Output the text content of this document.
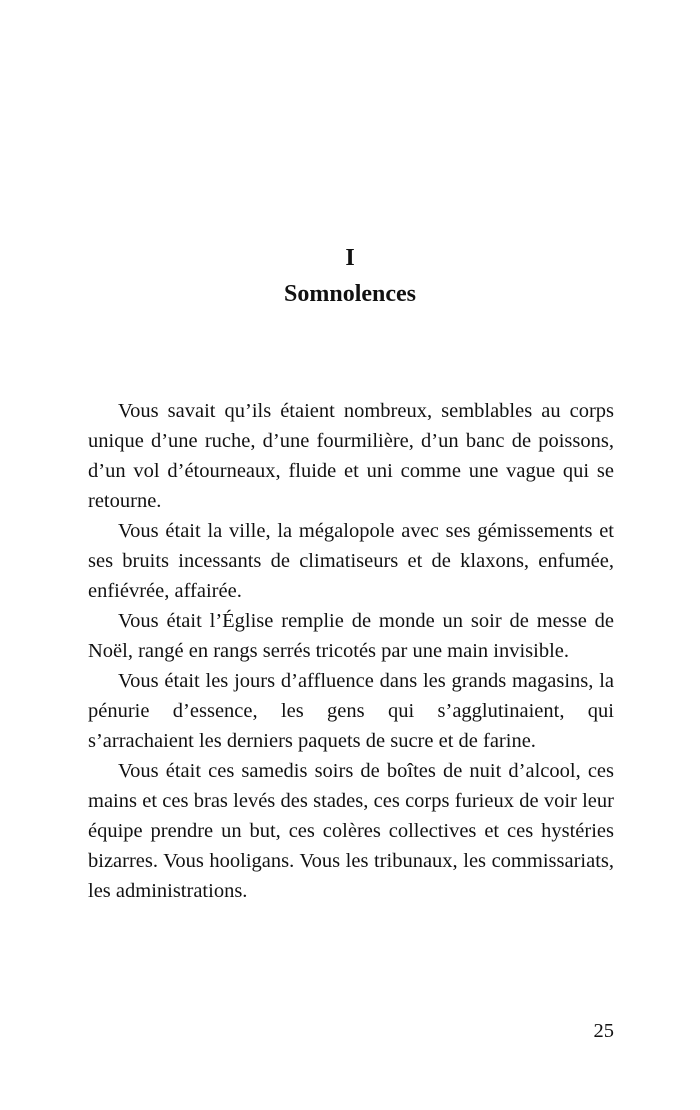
I
Somnolences

Vous savait qu’ils étaient nombreux, semblables au corps unique d’une ruche, d’une fourmilière, d’un banc de poissons, d’un vol d’étourneaux, fluide et uni comme une vague qui se retourne.

Vous était la ville, la mégalopole avec ses gémissements et ses bruits incessants de climatiseurs et de klaxons, enfumée, enfiévrée, affairée.

Vous était l’Église remplie de monde un soir de messe de Noël, rangé en rangs serrés tricotés par une main invisible.

Vous était les jours d’affluence dans les grands magasins, la pénurie d’essence, les gens qui s’agglutinaient, qui s’arrachaient les derniers paquets de sucre et de farine.

Vous était ces samedis soirs de boîtes de nuit d’alcool, ces mains et ces bras levés des stades, ces corps furieux de voir leur équipe prendre un but, ces colères collectives et ces hystéries bizarres. Vous hooligans. Vous les tribunaux, les commissariats, les administrations.

25
